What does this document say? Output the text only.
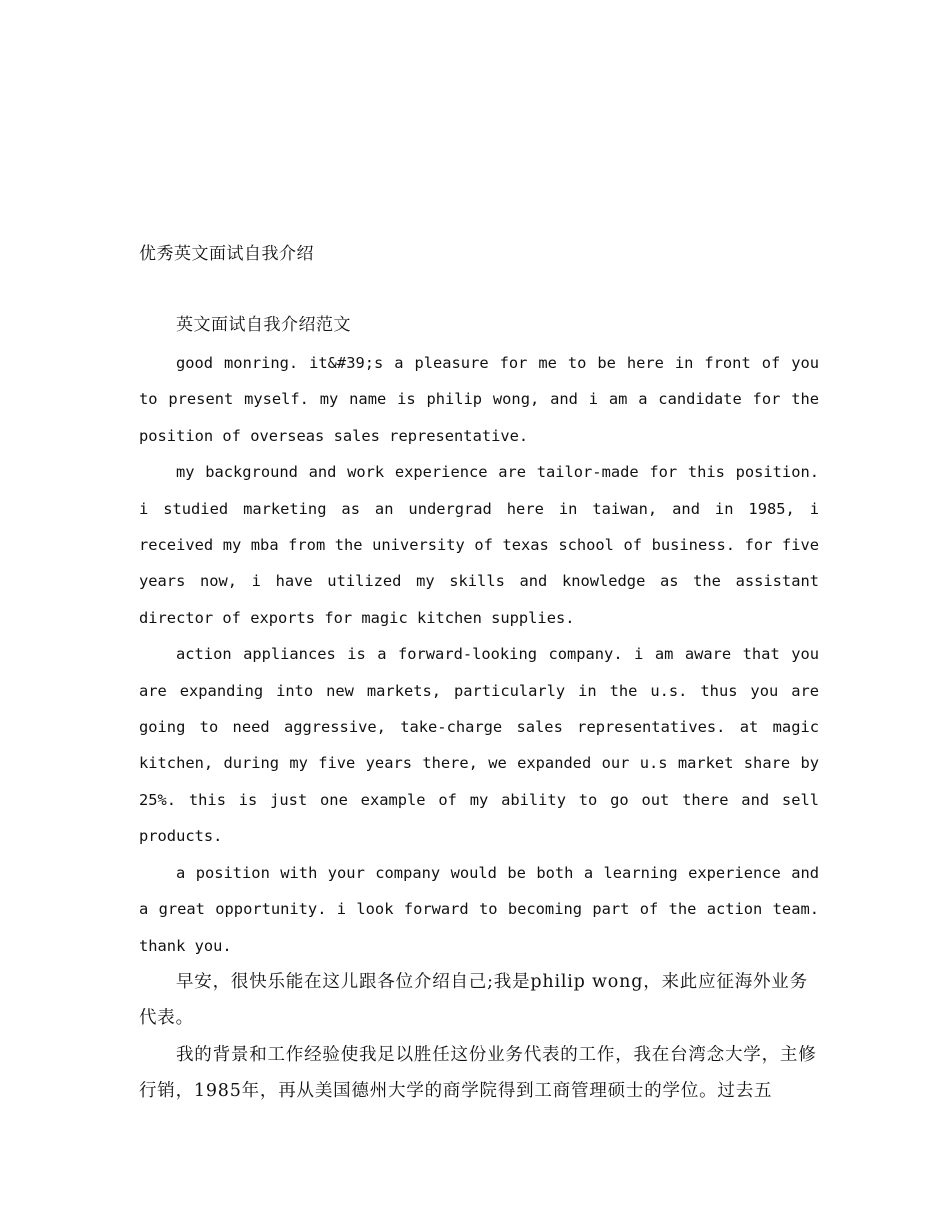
优秀英文面试自我介绍
英文面试自我介绍范文

good monring. it&#39;s a pleasure for me to be here in front of you to present myself. my name is philip wong, and i am a candidate for the position of overseas sales representative.

my background and work experience are tailor-made for this position. i studied marketing as an undergrad here in taiwan, and in 1985, i received my mba from the university of texas school of business. for five years now, i have utilized my skills and knowledge as the assistant director of exports for magic kitchen supplies.

action appliances is a forward-looking company. i am aware that you are expanding into new markets, particularly in the u.s. thus you are going to need aggressive, take-charge sales representatives. at magic kitchen, during my five years there, we expanded our u.s market share by 25%. this is just one example of my ability to go out there and sell products.

a position with your company would be both a learning experience and a great opportunity. i look forward to becoming part of the action team. thank you.

早安，很快乐能在这儿跟各位介绍自己;我是philip wong，来此应征海外业务代表。

我的背景和工作经验使我足以胜任这份业务代表的工作，我在台湾念大学，主修行销，1985年，再从美国德州大学的商学院得到工商管理硕士的学位。过去五
